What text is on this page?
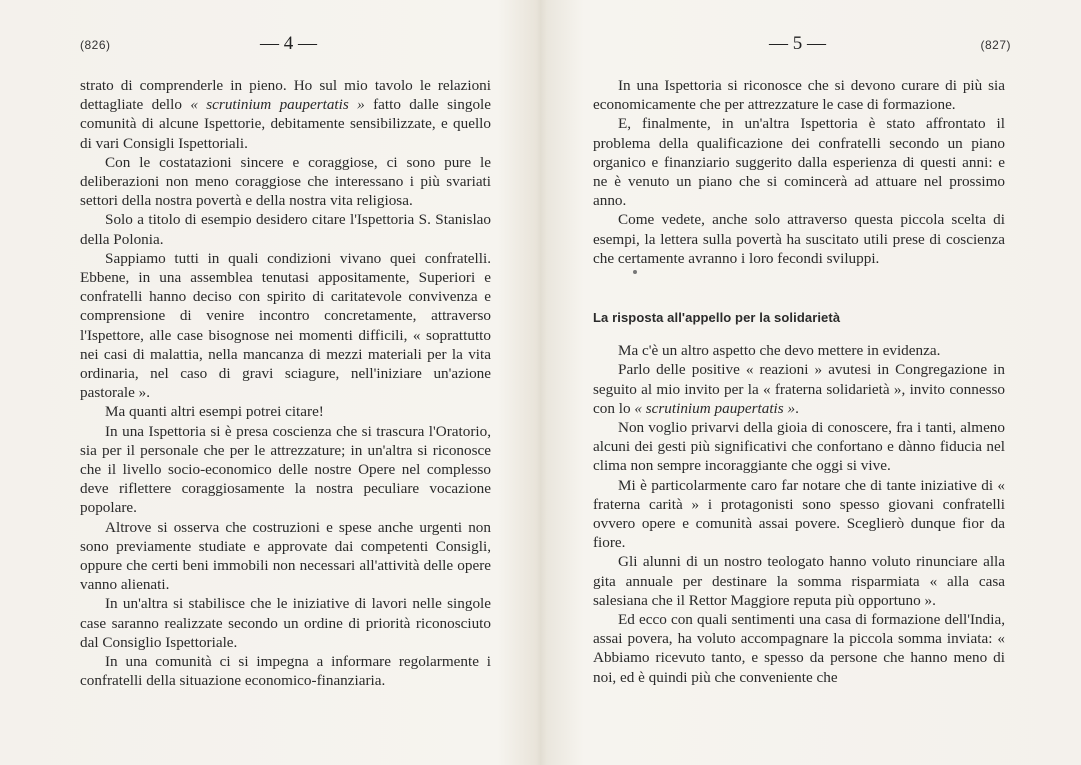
(826)	— 4 —

strato di comprenderle in pieno. Ho sul mio tavolo le relazioni dettagliate dello « scrutinium paupertatis » fatto dalle singole comunità di alcune Ispettorie, debitamente sensibilizzate, e quello di vari Consigli Ispettoriali.

Con le costatazioni sincere e coraggiose, ci sono pure le deliberazioni non meno coraggiose che interessano i più svariati settori della nostra povertà e della nostra vita religiosa.

Solo a titolo di esempio desidero citare l'Ispettoria S. Stanislao della Polonia.

Sappiamo tutti in quali condizioni vivano quei confratelli. Ebbene, in una assemblea tenutasi appositamente, Superiori e confratelli hanno deciso con spirito di caritatevole convivenza e comprensione di venire incontro concretamente, attraverso l'Ispettore, alle case bisognose nei momenti difficili, « soprattutto nei casi di malattia, nella mancanza di mezzi materiali per la vita ordinaria, nel caso di gravi sciagure, nell'iniziare un'azione pastorale ».

Ma quanti altri esempi potrei citare!

In una Ispettoria si è presa coscienza che si trascura l'Oratorio, sia per il personale che per le attrezzature; in un'altra si riconosce che il livello socio-economico delle nostre Opere nel complesso deve riflettere coraggiosamente la nostra peculiare vocazione popolare.

Altrove si osserva che costruzioni e spese anche urgenti non sono previamente studiate e approvate dai competenti Consigli, oppure che certi beni immobili non necessari all'attività delle opere vanno alienati.

In un'altra si stabilisce che le iniziative di lavori nelle singole case saranno realizzate secondo un ordine di priorità riconosciuto dal Consiglio Ispettoriale.

In una comunità ci si impegna a informare regolarmente i confratelli della situazione economico-finanziaria.

— 5 —	(827)

In una Ispettoria si riconosce che si devono curare di più sia economicamente che per attrezzature le case di formazione.

E, finalmente, in un'altra Ispettoria è stato affrontato il problema della qualificazione dei confratelli secondo un piano organico e finanziario suggerito dalla esperienza di questi anni: e ne è venuto un piano che si comincerà ad attuare nel prossimo anno.

Come vedete, anche solo attraverso questa piccola scelta di esempi, la lettera sulla povertà ha suscitato utili prese di coscienza che certamente avranno i loro fecondi sviluppi.

La risposta all'appello per la solidarietà

Ma c'è un altro aspetto che devo mettere in evidenza.

Parlo delle positive « reazioni » avutesi in Congregazione in seguito al mio invito per la « fraterna solidarietà », invito connesso con lo « scrutinium paupertatis ».

Non voglio privarvi della gioia di conoscere, fra i tanti, almeno alcuni dei gesti più significativi che confortano e dànno fiducia nel clima non sempre incoraggiante che oggi si vive.

Mi è particolarmente caro far notare che di tante iniziative di « fraterna carità » i protagonisti sono spesso giovani confratelli ovvero opere e comunità assai povere. Sceglierò dunque fior da fiore.

Gli alunni di un nostro teologato hanno voluto rinunciare alla gita annuale per destinare la somma risparmiata « alla casa salesiana che il Rettor Maggiore reputa più opportuno ».

Ed ecco con quali sentimenti una casa di formazione dell'India, assai povera, ha voluto accompagnare la piccola somma inviata: « Abbiamo ricevuto tanto, e spesso da persone che hanno meno di noi, ed è quindi più che conveniente che
